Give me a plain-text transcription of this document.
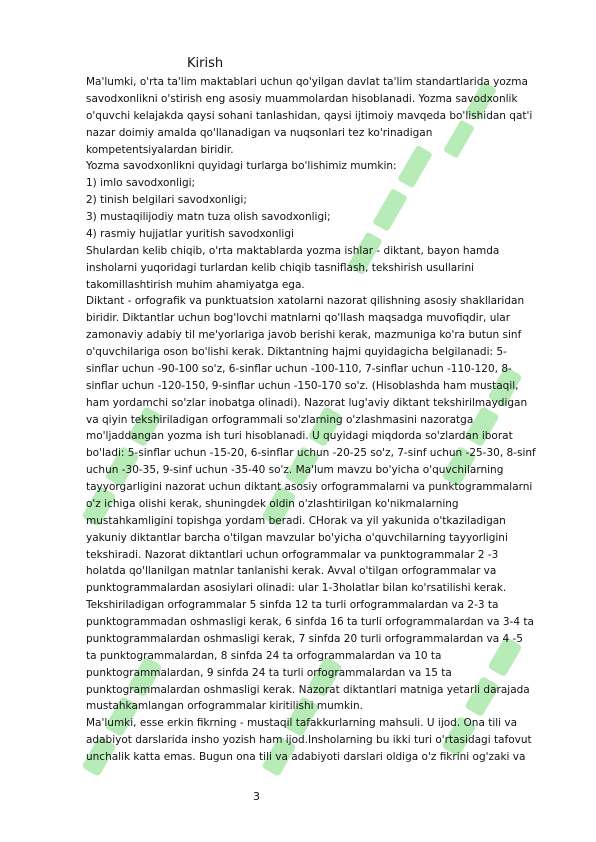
Kirish
Ma'lumki, o'rta ta'lim maktablari uchun qo'yilgan davlat ta'lim standartlarida yozma
savodxonlikni o'stirish eng asosiy muammolardan hisoblanadi. Yozma savodxonlik
o'quvchi kelajakda qaysi sohani tanlashidan, qaysi ijtimoiy mavqeda bo'lishidan qat'i
nazar doimiy amalda qo'llanadigan va nuqsonlari tez ko'rinadigan
kompetentsiyalardan biridir.
Yozma savodxonlikni quyidagi turlarga bo'lishimiz mumkin:
1) imlo savodxonligi;
2) tinish belgilari savodxonligi;
3) mustaqilijodiy matn tuza olish savodxonligi;
4) rasmiy hujjatlar yuritish savodxonligi
Shulardan kelib chiqib, o'rta maktablarda yozma ishlar - diktant, bayon hamda
insholarni yuqoridagi turlardan kelib chiqib tasniflash, tekshirish usullarini
takomillashtirish muhim ahamiyatga ega.
Diktant - orfografik va punktuatsion xatolarni nazorat qilishning asosiy shakllaridan
biridir. Diktantlar uchun bog'lovchi matnlarni qo'llash maqsadga muvofiqdir, ular
zamonaviy adabiy til me'yorlariga javob berishi kerak, mazmuniga ko'ra butun sinf
o'quvchilariga oson bo'lishi kerak. Diktantning hajmi quyidagicha belgilanadi: 5-
sinflar uchun -90-100 so'z, 6-sinflar uchun -100-110, 7-sinflar uchun -110-120, 8-
sinflar uchun -120-150, 9-sinflar uchun -150-170 so'z. (Hisoblashda ham mustaqil,
ham yordamchi so'zlar inobatga olinadi). Nazorat lug'aviy diktant tekshirilmaydigan
va qiyin tekshiriladigan orfogrammali so'zlarning o'zlashmasini nazoratga
mo'ljaddangan yozma ish turi hisoblanadi. U quyidagi miqdorda so'zlardan iborat
bo'ladi: 5-sinflar uchun -15-20, 6-sinflar uchun -20-25 so'z, 7-sinf uchun -25-30, 8-sinf
uchun -30-35, 9-sinf uchun -35-40 so'z. Ma'lum mavzu bo'yicha o'quvchilarning
tayyorgarligini nazorat uchun diktant asosiy orfogrammalarni va punktogrammalarni
o'z ichiga olishi kerak, shuningdek oldin o'zlashtirilgan ko'nikmalarning
mustahkamligini topishga yordam beradi. CHorak va yil yakunida o'tkaziladigan
yakuniy diktantlar barcha o'tilgan mavzular bo'yicha o'quvchilarning tayyorligini
tekshiradi. Nazorat diktantlari uchun orfogrammalar va punktogrammalar 2 -3
holatda qo'llanilgan matnlar tanlanishi kerak. Avval o'tilgan orfogrammalar va
punktogrammalardan asosiylari olinadi: ular 1-3holatlar bilan ko'rsatilishi kerak.
Tekshiriladigan orfogrammalar 5 sinfda 12 ta turli orfogrammalardan va 2-3 ta
punktogrammadan oshmasligi kerak, 6 sinfda 16 ta turli orfogrammalardan va 3-4 ta
punktogrammalardan oshmasligi kerak, 7 sinfda 20 turli orfogrammalardan va 4 -5
ta punktogrammalardan, 8 sinfda 24 ta orfogrammalardan va 10 ta
punktogrammalardan, 9 sinfda 24 ta turli orfogrammalardan va 15 ta
punktogrammalardan oshmasligi kerak. Nazorat diktantlari matniga yetarli darajada
mustahkamlangan orfogrammalar kiritilishi mumkin.
Ma'lumki, esse erkin fikrning - mustaqil tafakkurlarning mahsuli. U ijod. Ona tili va
adabiyot darslarida insho yozish ham ijod.Insholarning bu ikki turi o'rtasidagi tafovut
unchalik katta emas. Bugun ona tili va adabiyoti darslari oldiga o'z fikrini og'zaki va
3
